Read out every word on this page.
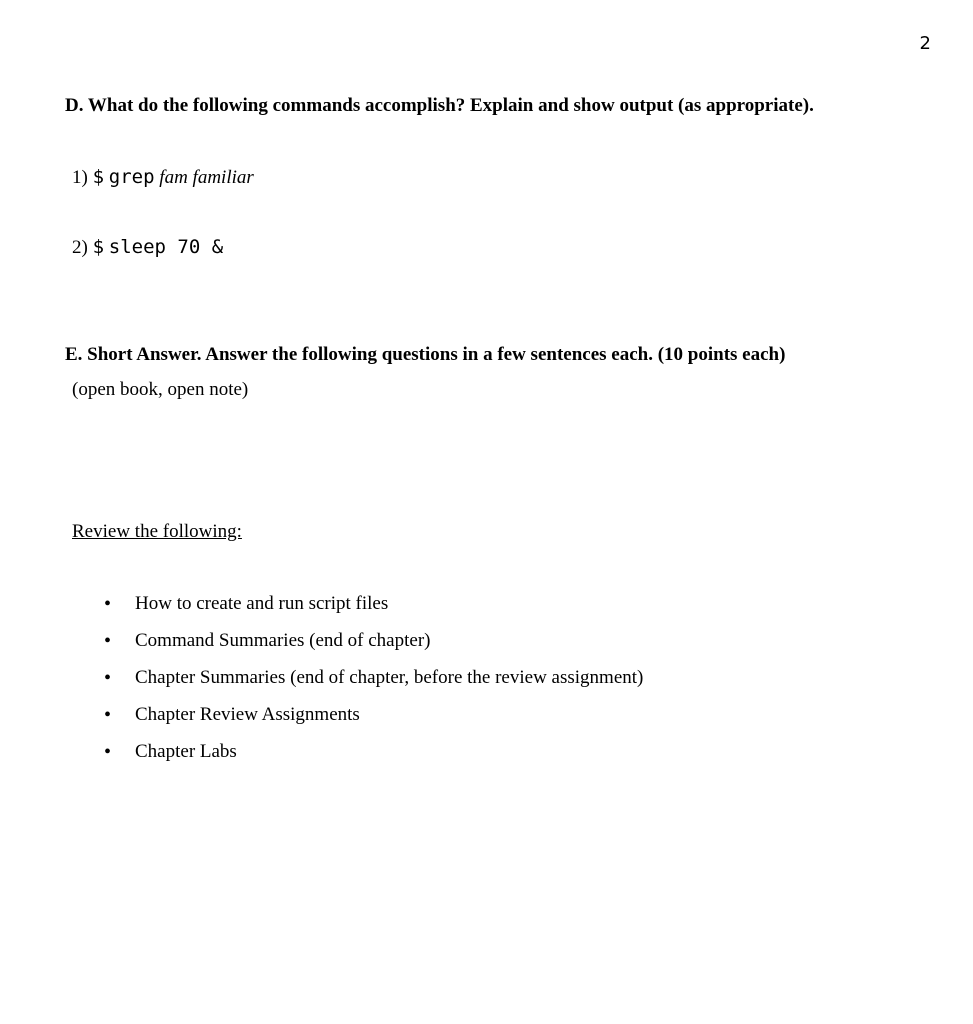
2
D. What do the following commands accomplish? Explain and show output (as appropriate).
1) $ grep fam familiar
2) $ sleep 70 &
E. Short Answer. Answer the following questions in a few sentences each. (10 points each)
(open book, open note)
Review the following:
•	How to create and run script files
•	Command Summaries (end of chapter)
•	Chapter Summaries (end of chapter, before the review assignment)
•	Chapter Review Assignments
•	Chapter Labs
